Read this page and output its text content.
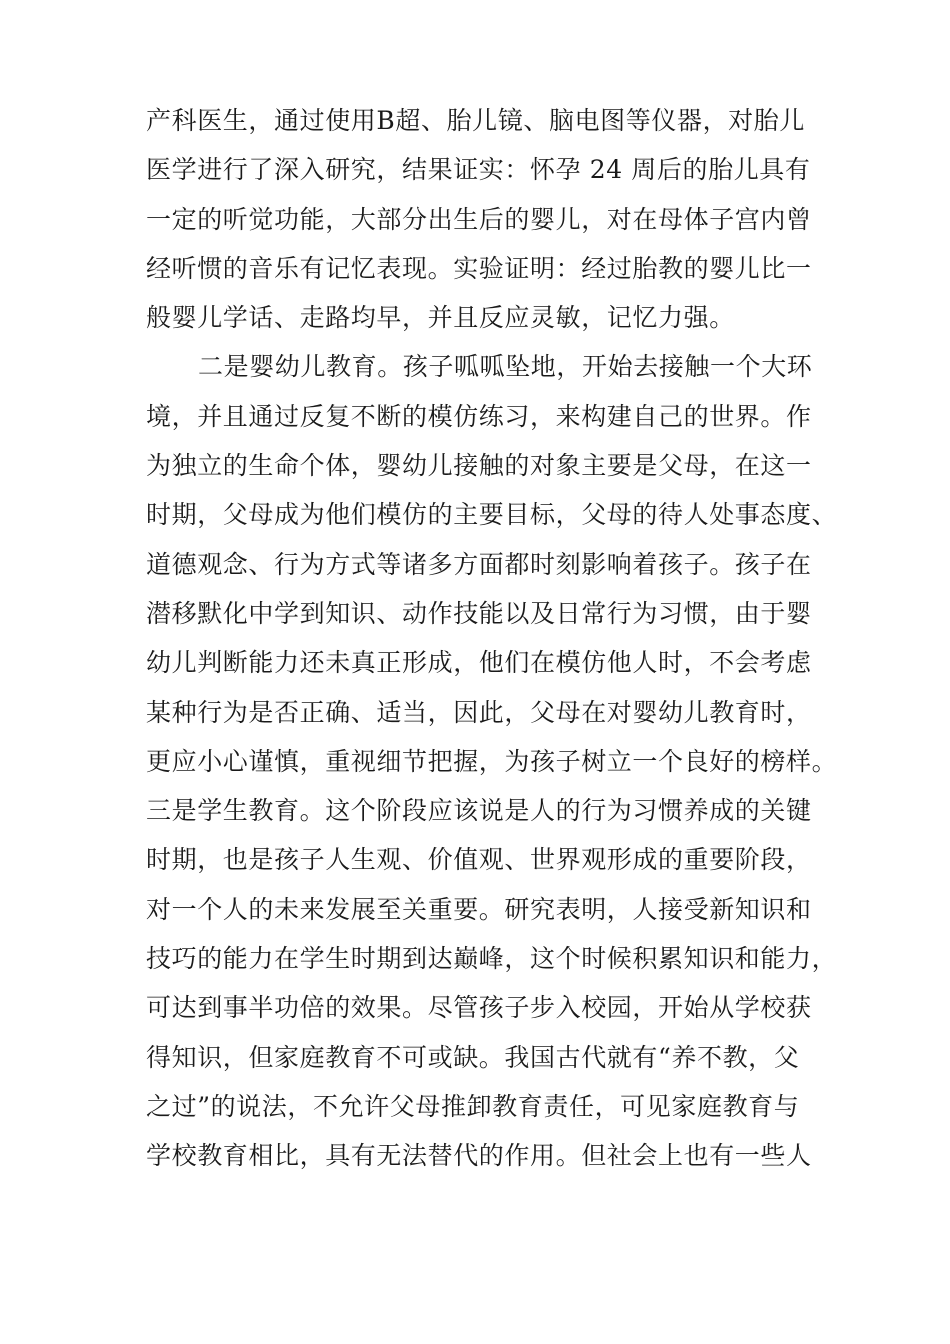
产科医生，通过使用B超、胎儿镜、脑电图等仪器，对胎儿
医学进行了深入研究，结果证实：怀孕 24 周后的胎儿具有
一定的听觉功能，大部分出生后的婴儿，对在母体子宫内曾
经听惯的音乐有记忆表现。实验证明：经过胎教的婴儿比一
般婴儿学话、走路均早，并且反应灵敏，记忆力强。
二是婴幼儿教育。孩子呱呱坠地，开始去接触一个大环
境，并且通过反复不断的模仿练习，来构建自己的世界。作
为独立的生命个体，婴幼儿接触的对象主要是父母，在这一
时期，父母成为他们模仿的主要目标，父母的待人处事态度、
道德观念、行为方式等诸多方面都时刻影响着孩子。孩子在
潜移默化中学到知识、动作技能以及日常行为习惯，由于婴
幼儿判断能力还未真正形成，他们在模仿他人时，不会考虑
某种行为是否正确、适当，因此，父母在对婴幼儿教育时，
更应小心谨慎，重视细节把握，为孩子树立一个良好的榜样。
三是学生教育。这个阶段应该说是人的行为习惯养成的关键
时期，也是孩子人生观、价值观、世界观形成的重要阶段，
对一个人的未来发展至关重要。研究表明，人接受新知识和
技巧的能力在学生时期到达巅峰，这个时候积累知识和能力，
可达到事半功倍的效果。尽管孩子步入校园，开始从学校获
得知识，但家庭教育不可或缺。我国古代就有“养不教，父
之过”的说法，不允许父母推卸教育责任，可见家庭教育与
学校教育相比，具有无法替代的作用。但社会上也有一些人
